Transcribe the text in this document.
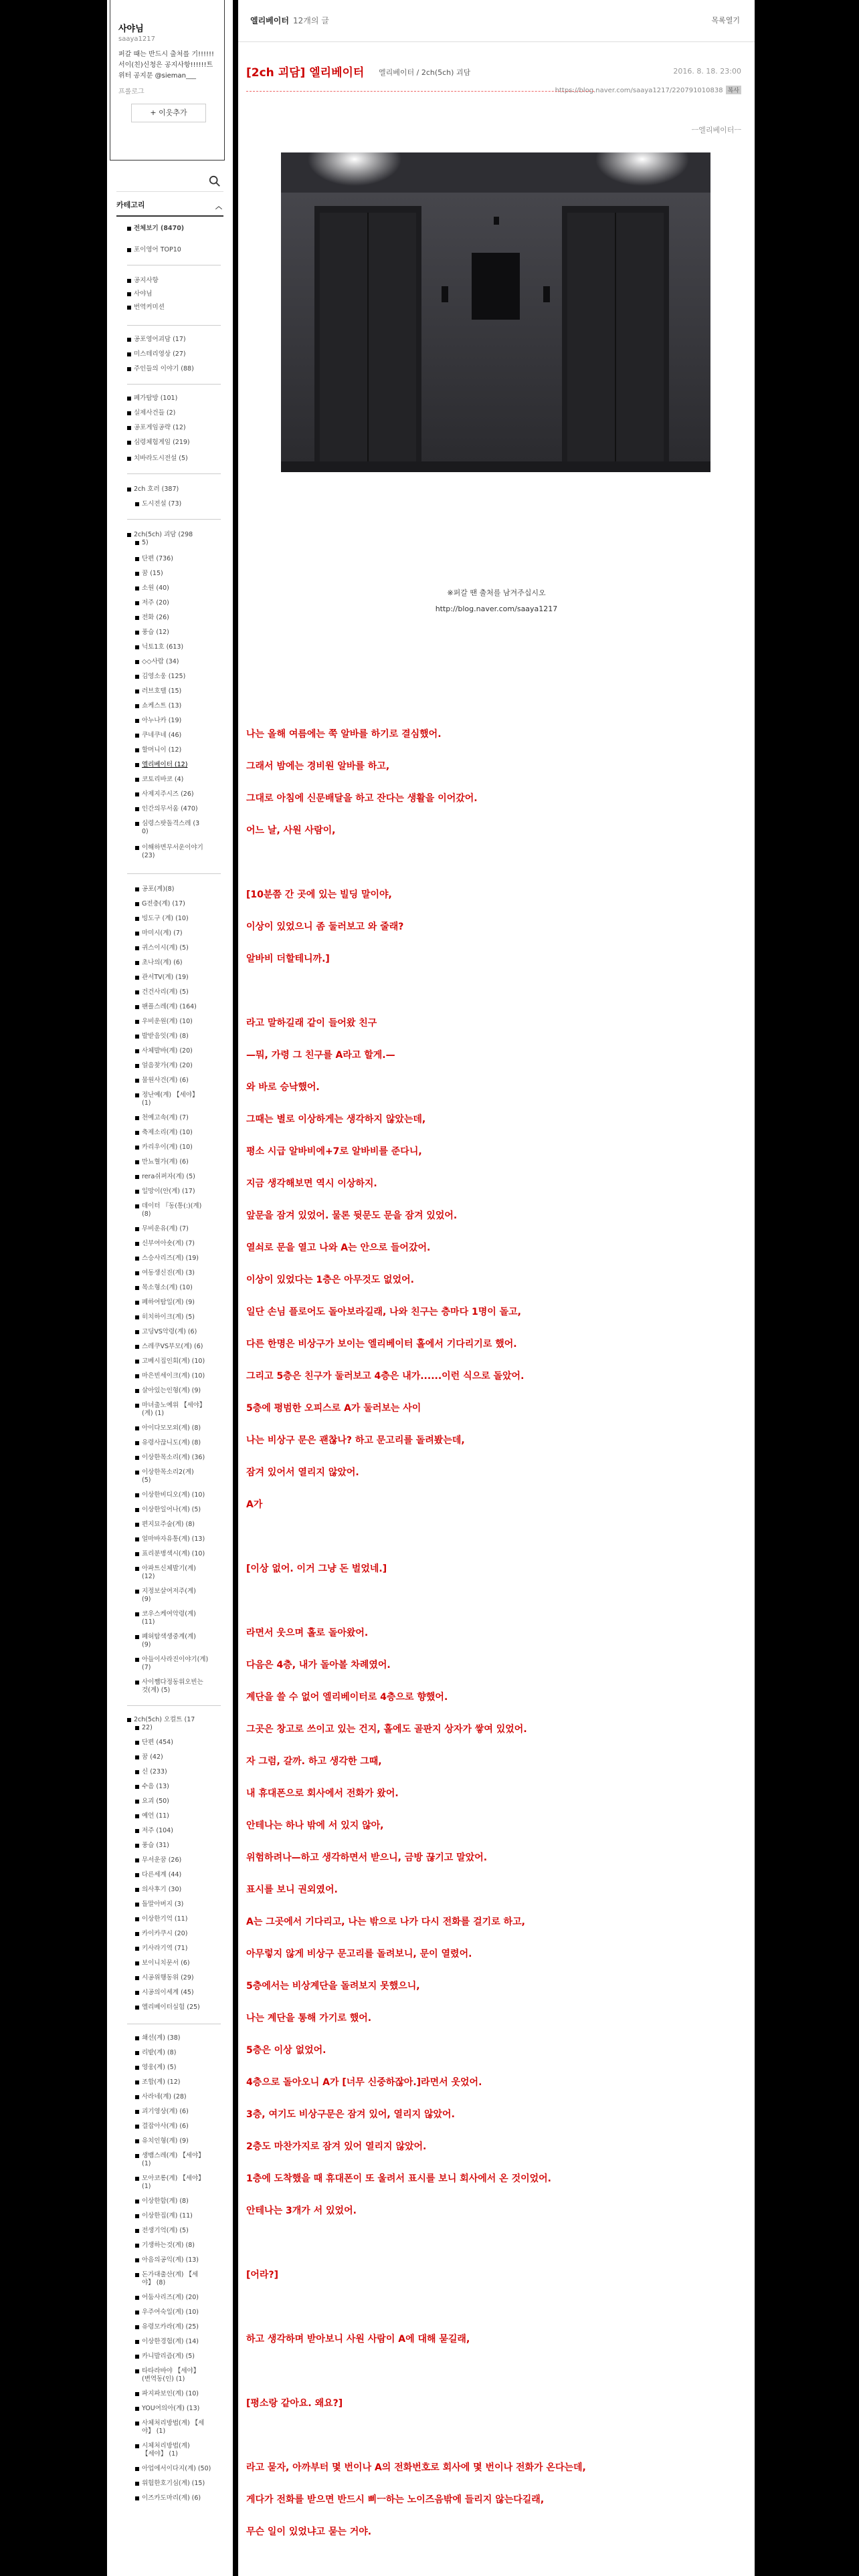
사야님
saaya1217
퍼갈 때는 반드시 출처를 기!!!!!! 서이(친)신청은 공지사항!!!!!!트위터 공지문 @sieman___
프롤로그
+ 이웃추가
카테고리	︿
전체보기 (8470)
포이영어 TOP10
공지사항
사야님
번역커미션
공포영어괴담 (17)
미스테리영상 (27)
주인들의 이야기 (88)
폐가탐방 (101)
실제사건들 (2)
공포게임공략 (12)
심령체험게임 (219)
치바라도시전설 (5)
2ch 호러 (387)
도시전설 (73)
2ch(5ch) 괴담 (298
5)
단편 (736)
꿈 (15)
소원 (40)
저주 (20)
전화 (26)
풍습 (12)
닉토1호 (613)
◇◇사람 (34)
김영소웅 (125)
러브호텔 (15)
쇼케스트 (13)
아누나카 (19)
쿠네쿠네 (46)
할머니이 (12)
엘리베이터 (12)
코토리바코 (4)
사제지주시즈 (26)
인간의무서움 (470)
심령스팟돌격스레 (3
0)
이해하면무서운이야기
(23)
공포(계)(8)
G전충(계) (17)
빙도구 (계) (10)
마미시(계) (7)
귀스이시(계) (5)
초나의(계) (6)
관서TV(계) (19)
건건사리(계) (5)
팬플스레(계) (164)
우비운원(계) (10)
발받음잇(계) (8)
사체발바(계) (20)
얼음찾가(계) (20)
물원사건(계) (6)
정난예(계) 【세야】
(1)
천예고속(계) (7)
축제소리(계) (10)
카리우이(계) (10)
만뇨혈가(계) (6)
rera쉬퍼자(계) (5)
일망이(안(계) (17)
데이터 『동(통(:)(계)
(8)
무비운유(계) (7)
신부여아숏(계) (7)
스승사리즈(계) (19)
여동생신진(계) (3)
목소형소(계) (10)
폐하여탐일(계) (9)
히치하이크(계) (5)
고딩VS악령(계) (6)
스레쿠VS부모(계) (6)
고베시집인회(계) (10)
마은빈세이크(계) (10)
살아있는인형(계) (9)
마녀출노예위 【세야】
(계) (1)
아이다모모외(계) (8)
유령사끊니도(계) (8)
이상한목소리(계) (36)
이상한목소리2(계)
(5)
이상한비디오(계) (10)
이상한일어나(계) (5)
편지묘주술(계) (8)
얼마바자유통(계) (13)
표리분병색시(계) (10)
아파트신체발기(계)
(12)
지정보살여저주(계)
(9)
코우스케여악령(계)
(11)
폐허탐색생중계(계)
(9)
아들이사라진이야기(계)
(7)
사이쨈다정동위오빈는
것(계) (5)
2ch(5ch) 오컬트 (17
22)
단편 (454)
꿈 (42)
신 (233)
수음 (13)
요괴 (50)
예언 (11)
저주 (104)
풍습 (31)
무서운꿈 (26)
다른세계 (44)
의사후기 (30)
돌말아버지 (3)
이상한기억 (11)
카이카쿠시 (20)
키사라기역 (71)
보이니치문서 (6)
시공위행동위 (29)
시공의이세계 (45)
엘리베이터실험 (25)
쇄선(계) (38)
리밭(계) (8)
영웅(계) (5)
조합(계) (12)
사라네(계) (28)
괴기영상(계) (6)
결잡아사(계) (6)
유치인형(계) (9)
생뱀스레(계) 【세야】
(1)
모아코롱(계) 【세야】
(1)
이상한함(계) (8)
이상한집(계) (11)
전생기억(계) (5)
기생하는것(계) (8)
아음의공익(계) (13)
돈가대출산(계) 【세
야】 (8)
어둠사리즈(계) (20)
우주여숙일(계) (10)
유령모카라(계) (25)
이상한경험(계) (14)
카니발리즘(계) (5)
타타라바야 【세야】
(변역동(인) (1)
파지파보인(계) (10)
YOU여의아(계) (13)
사체처리방법(계) 【세
야】 (1)
시체처리방법(계)
【세야】 (1)
아업에서이다지(계) (50)
위험한호기심(계) (15)
이즈카도마리(계) (6)
엘리베이터 12개의 글	목록열기
[2ch 괴담] 엘리베이터 엘리베이터 / 2ch(5ch) 괴담	2016. 8. 18. 23:00
https://blog.naver.com/saaya1217/220791010838 복사
ㅡ엘리베이터ㅡ
※퍼갈 땐 출처를 남겨주십시오
http://blog.naver.com/saaya1217
나는 올해 여름에는 쭉 알바를 하기로 결심했어.
그래서 밤에는 경비원 알바를 하고,
그대로 아침에 신문배달을 하고 잔다는 생활을 이어갔어.
어느 날, 사원 사람이,
[10분쯤 간 곳에 있는 빌딩 말이야,
이상이 있었으니 좀 둘러보고 와 줄래?
알바비 더할테니까.]
라고 말하길래 같이 들어왔 친구
—뭐, 가령 그 친구를 A라고 할게.—
와 바로 승낙했어.
그때는 별로 이상하게는 생각하지 않았는데,
평소 시급 알바비에+7로 알바비를 준다니,
지금 생각해보면 역시 이상하지.
앞문을 잠겨 있었어. 물론 뒷문도 문을 잠겨 있었어.
열쇠로 문을 열고 나와 A는 안으로 들어갔어.
이상이 있었다는 1층은 아무것도 없었어.
일단 손님 플로어도 돌아보라길래, 나와 친구는 층마다 1명이 돌고,
다른 한명은 비상구가 보이는 엘리베이터 홀에서 기다리기로 했어.
그리고 5층은 친구가 둘러보고 4층은 내가......이런 식으로 돌았어.
5층에 평범한 오피스로 A가 둘러보는 사이
나는 비상구 문은 괜찮나? 하고 문고리를 돌려봤는데,
잠겨 있어서 열리지 않았어.
A가
[이상 없어. 이거 그냥 돈 벌었네.]
라면서 웃으며 홀로 돌아왔어.
다음은 4층, 내가 돌아볼 차례였어.
계단을 쓸 수 없어 엘리베이터로 4층으로 향했어.
그곳은 창고로 쓰이고 있는 건지, 홀에도 골판지 상자가 쌓여 있었어.
자 그럼, 갈까. 하고 생각한 그때,
내 휴대폰으로 회사에서 전화가 왔어.
안테나는 하나 밖에 서 있지 않아,
위험하려나—하고 생각하면서 받으니, 금방 끊기고 말았어.
표시를 보니 권외였어.
A는 그곳에서 기다리고, 나는 밖으로 나가 다시 전화를 걸기로 하고,
아무렇지 않게 비상구 문고리를 돌려보니, 문이 열렸어.
5층에서는 비상계단을 돌려보지 못했으니,
나는 계단을 통해 가기로 했어.
5층은 이상 없었어.
4층으로 돌아오니 A가 [너무 신중하잖아.]라면서 웃었어.
3층, 여기도 비상구문은 잠겨 있어, 열리지 않았어.
2층도 마찬가지로 잠겨 있어 열리지 않았어.
1층에 도착했을 때 휴대폰이 또 울려서 표시를 보니 회사에서 온 것이었어.
안테나는 3개가 서 있었어.
[어라?]
하고 생각하며 받아보니 사원 사람이 A에 대해 묻길래,
[평소랑 같아요. 왜요?]
라고 묻자, 아까부터 몇 번이나 A의 전화번호로 회사에 몇 번이나 전화가 온다는데,
게다가 전화를 받으면 반드시 삐ㅡ하는 노이즈음밖에 들리지 않는다길래,
무슨 일이 있었냐고 묻는 거야.
